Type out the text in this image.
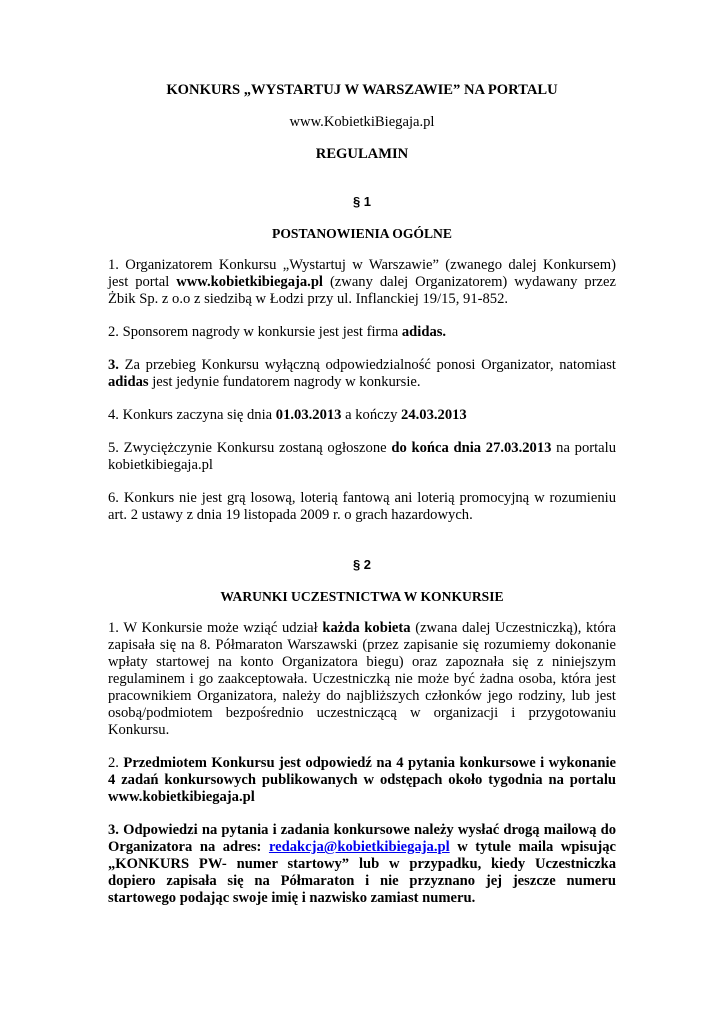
KONKURS „WYSTARTUJ W WARSZAWIE” NA PORTALU
www.KobietkiBiegaja.pl
REGULAMIN
§ 1
POSTANOWIENIA OGÓLNE

1. Organizatorem Konkursu „Wystartuj w Warszawie” (zwanego dalej Konkursem) jest portal www.kobietkibiegaja.pl (zwany dalej Organizatorem) wydawany przez Żbik Sp. z o.o z siedzibą w Łodzi przy ul. Inflanckiej 19/15, 91-852.

2. Sponsorem nagrody w konkursie jest jest firma adidas.

3. Za przebieg Konkursu wyłączną odpowiedzialność ponosi Organizator, natomiast adidas jest jedynie fundatorem nagrody w konkursie.

4. Konkurs zaczyna się dnia 01.03.2013 a kończy 24.03.2013

5. Zwyciężczynie Konkursu zostaną ogłoszone do końca dnia 27.03.2013 na portalu kobietkibiegaja.pl

6. Konkurs nie jest grą losową, loterią fantową ani loterią promocyjną w rozumieniu art. 2 ustawy z dnia 19 listopada 2009 r. o grach hazardowych.

§ 2
WARUNKI UCZESTNICTWA W KONKURSIE

1. W Konkursie może wziąć udział każda kobieta (zwana dalej Uczestniczką), która zapisała się na 8. Półmaraton Warszawski (przez zapisanie się rozumiemy dokonanie wpłaty startowej na konto Organizatora biegu) oraz zapoznała się z niniejszym regulaminem i go zaakceptowała. Uczestniczką nie może być żadna osoba, która jest pracownikiem Organizatora, należy do najbliższych członków jego rodziny, lub jest osobą/podmiotem bezpośrednio uczestniczącą w organizacji i przygotowaniu Konkursu.

2. Przedmiotem Konkursu jest odpowiedź na 4 pytania konkursowe i wykonanie 4 zadań konkursowych publikowanych w odstępach około tygodnia na portalu www.kobietkibiegaja.pl

3. Odpowiedzi na pytania i zadania konkursowe należy wysłać drogą mailową do Organizatora na adres: redakcja@kobietkibiegaja.pl w tytule maila wpisując „KONKURS PW- numer startowy” lub w przypadku, kiedy Uczestniczka dopiero zapisała się na Półmaraton i nie przyznano jej jeszcze numeru startowego podając swoje imię i nazwisko zamiast numeru.
